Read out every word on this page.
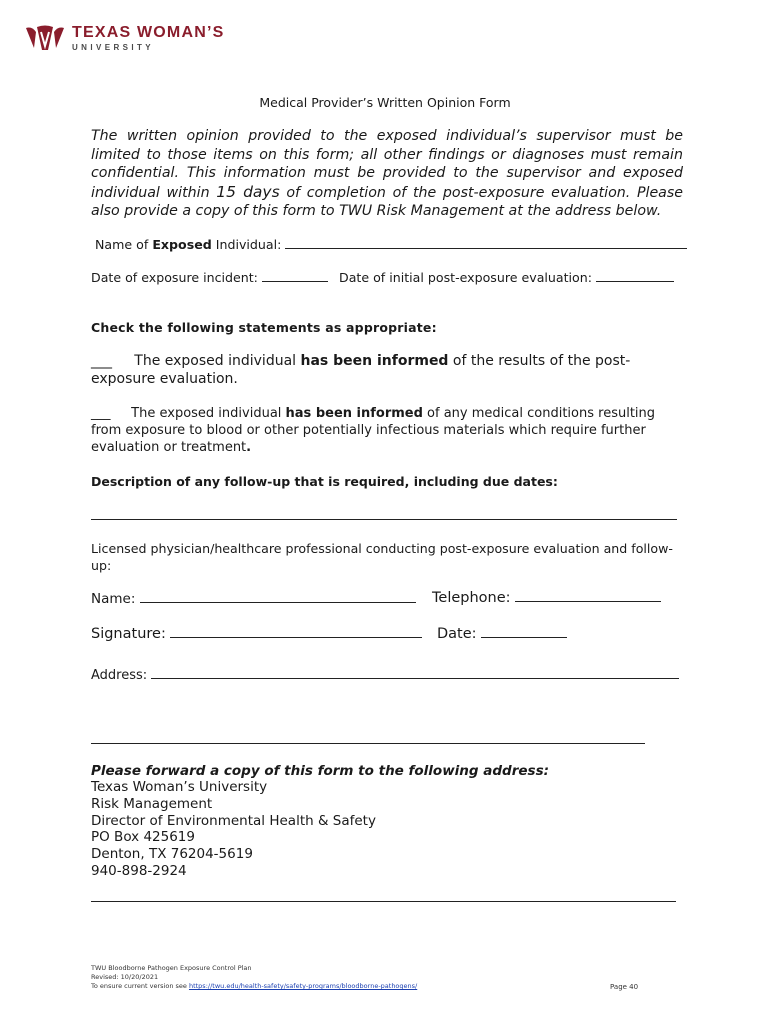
TEXAS WOMAN’S
UNIVERSITY
Medical Provider’s Written Opinion Form
The written opinion provided to the exposed individual’s supervisor must be limited to those items on this form; all other findings or diagnoses must remain confidential. This information must be provided to the supervisor and exposed individual within 15 days of completion of the post-exposure evaluation. Please also provide a copy of this form to TWU Risk Management at the address below.
Name of Exposed Individual:
Date of exposure incident:	Date of initial post-exposure evaluation:
Check the following statements as appropriate:
___ The exposed individual has been informed of the results of the post-exposure evaluation.
___ The exposed individual has been informed of any medical conditions resulting from exposure to blood or other potentially infectious materials which require further evaluation or treatment.
Description of any follow-up that is required, including due dates:
Licensed physician/healthcare professional conducting post-exposure evaluation and follow-up:
Name:	Telephone:
Signature:	Date:
Address:
Please forward a copy of this form to the following address:
Texas Woman’s University
Risk Management
Director of Environmental Health & Safety
PO Box 425619
Denton, TX 76204-5619
940-898-2924
TWU Bloodborne Pathogen Exposure Control Plan
Revised: 10/20/2021
To ensure current version see https://twu.edu/health-safety/safety-programs/bloodborne-pathogens/	Page 40
